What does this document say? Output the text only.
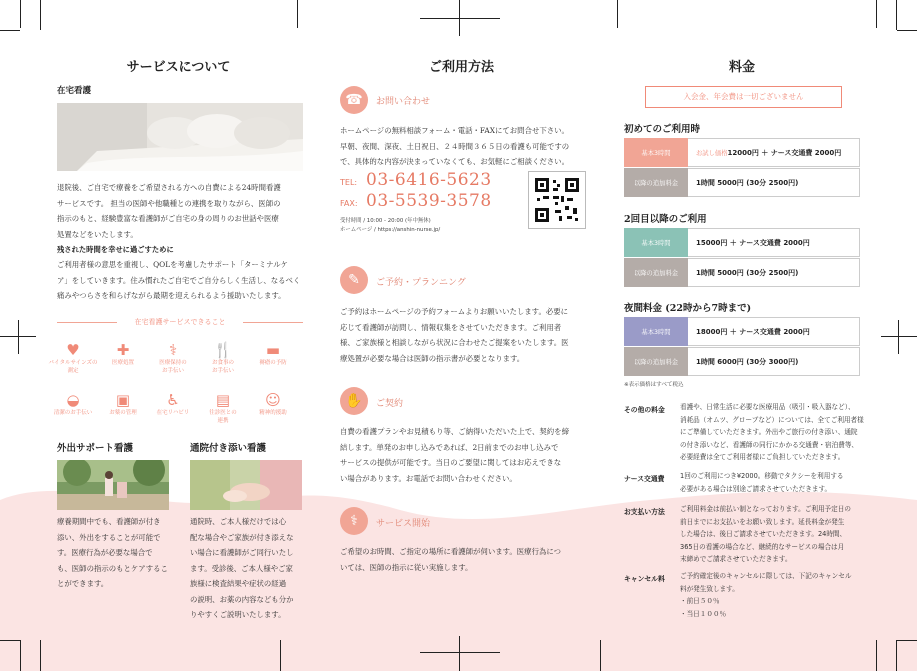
サービスについて
在宅看護
退院後、ご自宅で療養をご希望される方への自費による24時間看護
サービスです。 担当の医師や他職種との連携を取りながら、医師の
指示のもと、経験豊富な看護師がご自宅の身の周りのお世話や医療
処置などをいたします。
残された時間を幸せに過ごすために
ご利用者様の意思を重視し、QOLを考慮したサポート「ターミナルケ
ア」をしていきます。住み慣れたご自宅でご自分らしく生活し、なるべく
痛みやつらさを和らげながら最期を迎えられるよう援助いたします。
在宅看護サービスできること
♥
バイタルサインズの
測定
✚
医療処置
⚕
医療保持の
お手伝い
🍴
お食事の
お手伝い
▬
褥瘡の予防
◒
清潔のお手伝い
▣
お薬の管理
♿
在宅リハビリ
▤
往診医との
連携
☺
精神的援助
外出サポート看護
療養期間中でも、看護師が付き
添い、外出をすることが可能で
す。医療行為が必要な場合で
も、医師の指示のもとケアするこ
とができます。
通院付き添い看護
通院時、ご本人様だけでは心
配な場合やご家族が付き添えな
い場合に看護師がご同行いたし
ます。受診後、ご本人様やご家
族様に検査結果や症状の経過
の説明、お薬の内容なども分か
りやすくご説明いたします。
ご利用方法
☎	お問い合わせ
ホームページの無料相談フォーム・電話・FAXにてお問合せ下さい。
早朝、夜間、深夜、土日祝日、２４時間３６５日の看護も可能ですの
で、具体的な内容が決まっていなくても、お気軽にご相談ください。
TEL: 03-6416-5623
FAX: 03-5539-3578
受付時間 / 10:00 - 20:00 (年中無休)
ホームページ / https://anshin-nurse.jp/
✎	ご予約・プランニング
ご予約はホームページの予約フォームよりお願いいたします。必要に
応じて看護師が訪問し、情報収集をさせていただきます。ご利用者
様、ご家族様と相談しながら状況に合わせたご提案をいたします。医
療処置が必要な場合は医師の指示書が必要となります。
✋	ご契約
自費の看護プランやお見積もり等、ご納得いただいた上で、契約を締
結します。単発のお申し込みであれば、2日前までのお申し込みで
サービスの提供が可能です。当日のご要望に関してはお応えできな
い場合があります。お電話でお問い合わせください。
⚕	サービス開始
ご希望のお時間、ご指定の場所に看護師が伺います。医療行為につ
いては、医師の指示に従い実施します。
料金
入会金、年会費は一切ございません
初めてのご利用時
基本3時間	お試し価格 12000円 ＋ ナース交通費 2000円
以降の追加料金	1時間 5000円 (30分 2500円)
2回目以降のご利用
基本3時間	15000円 ＋ ナース交通費 2000円
以降の追加料金	1時間 5000円 (30分 2500円)
夜間料金 (22時から7時まで)
基本3時間	18000円 ＋ ナース交通費 2000円
以降の追加料金	1時間 6000円 (30分 3000円)
※表示価格はすべて税込
その他の料金 看護や、日常生活に必要な医療用品（吸引・吸入器など）、
消耗品（オムツ、グローブなど）については、全てご利用者様
にご準備していただきます。外出やご旅行の付き添い、通院
の付き添いなど、看護師の同行にかかる交通費・宿泊費等、
必要経費は全てご利用者様にご負担していただきます。
ナース交通費 1回のご利用につき¥2000。移動でタクシーを利用する
必要がある場合は別途ご請求させていただきます。
お支払い方法 ご利用料金は前払い制となっております。ご利用予定日の
前日までにお支払いをお願い致します。延長料金が発生
した場合は、後日ご請求させていただきます。24時間、
365日の看護の場合など、継続的なサービスの場合は月
末締めでご請求させていただきます。
キャンセル料 ご予約確定後のキャンセルに際しては、下記のキャンセル
料が発生致します。
・前日５０％
・当日１００％
